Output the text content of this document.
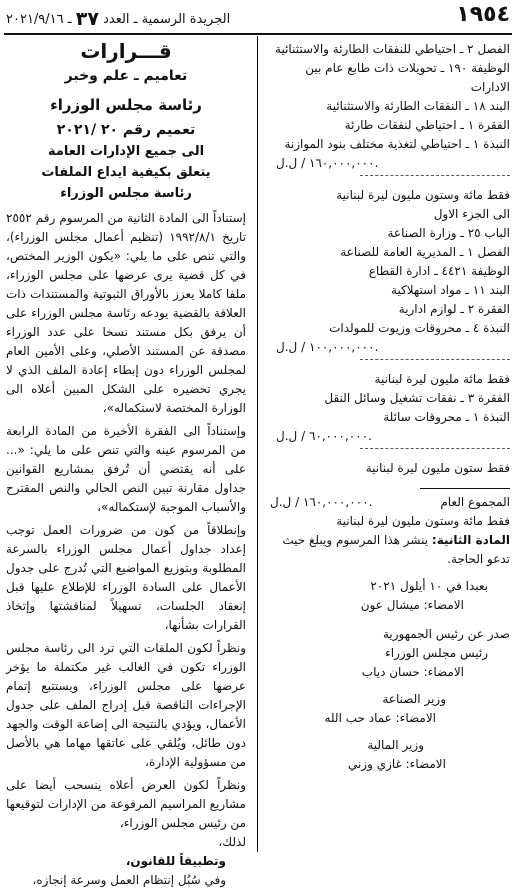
١٩٥٤
الجريدة الرسمية ـ العدد ٣٧ ـ ٢٠٢١/٩/١٦

الفصل ٢ ـ احتياطي للنفقات الطارئة والاستثنائية

الوظيفة ١٩٠ ـ تحويلات ذات طابع عام بين الادارات

البند ١٨ ـ النفقات الطارئة والاستثنائية

الفقرة ١ ـ احتياطي لنفقات طارئة

النبذة ١ ـ احتياطي لتغذية مختلف بنود الموازنة

١٦٠,٠٠٠,٠٠٠ / ل.ل.

فقط مائة وستون مليون ليرة لبنانية

الى الجزء الاول

الباب ٢٥ ـ وزارة الصناعة

الفصل ١ ـ المديرية العامة للصناعة

الوظيفة ٤٤٢١ ـ ادارة القطاع

البند ١١ ـ مواد استهلاكية

الفقرة ٢ ـ لوازم ادارية

النبذة ٤ ـ محروقات وزيوت للمولدات

١٠٠,٠٠٠,٠٠٠ / ل.ل.

فقط مائة مليون ليرة لبنانية

الفقرة ٣ ـ نفقات تشغيل وسائل النقل

النبذة ١ ـ محروقات سائلة

٦٠,٠٠٠,٠٠٠ / ل.ل.

فقط ستون مليون ليرة لبنانية

المجموع العام
١٦٠,٠٠٠,٠٠٠ / ل.ل.

فقط مائة وستون مليون ليرة لبنانية

المادة الثانية: ينشر هذا المرسوم ويبلغ حيث تدعو الحاجة.

بعبدا في ١٠ أيلول ٢٠٢١

الامضاء: ميشال عون

صدر عن رئيس الجمهورية

رئيس مجلس الوزراء

الامضاء: حسان دياب

وزير الصناعة

الامضاء: عماد حب الله

وزير المالية

الامضاء: غازي وزني

قـــرارات

تعاميم ـ علم وخبر

رئاسة مجلس الوزراء

تعميم رقم ٢٠ /٢٠٢١

الى جميع الإدارات العامة

يتعلق بكيفية ايداع الملفات

رئاسة مجلس الوزراء

إستناداً الى المادة الثانية من المرسوم رقم ٢٥٥٢ تاريخ ١٩٩٢/٨/١ (تنظيم أعمال مجلس الوزراء)، والتي تنص على ما يلي: «يكون الوزير المختص، في كل قضية يرى عرضها على مجلس الوزراء، ملفا كاملا يعزز بالأوراق الثبوتية والمستندات ذات العلاقة بالقضية يودعه رئاسة مجلس الوزراء على أن يرفق بكل مستند نسخا على عدد الوزراء مصدقة عن المستند الأصلي، وعلى الأمين العام لمجلس الوزراء دون إبطاء إعادة الملف الذي لا يجري تحضيره على الشكل المبين أعلاه الى الوزارة المختصة لاستكماله»،

وإستناداً الى الفقرة الأخيرة من المادة الرابعة من المرسوم عينه والتي تنص على ما يلي: «... على أنه يقتضي أن تُرفق بمشاريع القوانين جداول مقارنة تبين النص الحالي والنص المقترح والأسباب الموجبة لإستكماله»،

وإنطلاقاً من كون من ضرورات العمل توجب إعداد جداول أعمال مجلس الوزراء بالسرعة المطلوبة وبتوزيع المواضيع التي تُدرج على جدول الأعمال على السادة الوزراء للإطلاع عليها قبل إنعقاد الجلسات، تسهيلاً لمناقشتها وإتخاذ القرارات بشأنها،

ونظراً لكون الملفات التي ترد الى رئاسة مجلس الوزراء تكون في الغالب غير مكتملة ما يؤخر عرضها على مجلس الوزراء، ويستتبع إتمام الإجراءات الناقصة قبل إدراج الملف على جدول الأعمال، ويؤدي بالنتيجة الى إضاعة الوقت والجهد دون طائل، ويُلقي على عاتقها مهاما هي بالأصل من مسؤولية الإدارة،

ونظراً لكون العرض أعلاه ينسحب أيضا على مشاريع المراسيم المرفوعة من الإدارات لتوقيعها من رئيس مجلس الوزراء،

لذلك،

وتطبيقاً للقانون،

وفي سُبُل إنتظام العمل وسرعة إنجازه،
